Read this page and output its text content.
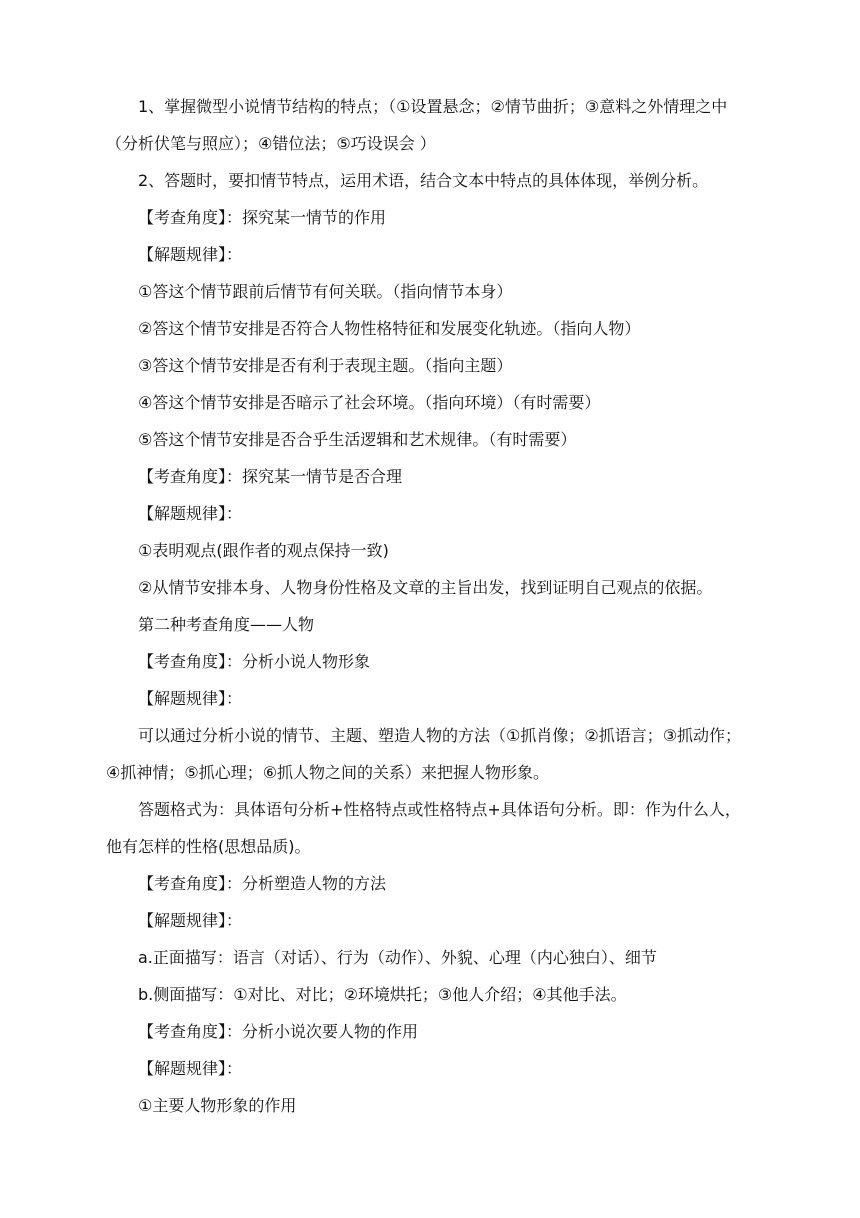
1、掌握微型小说情节结构的特点；（①设置悬念；②情节曲折；③意料之外情理之中

（分析伏笔与照应）；④错位法；⑤巧设误会 ）

2、答题时，要扣情节特点，运用术语，结合文本中特点的具体体现，举例分析。

【考查角度】：探究某一情节的作用

【解题规律】：

①答这个情节跟前后情节有何关联。（指向情节本身）

②答这个情节安排是否符合人物性格特征和发展变化轨迹。（指向人物）

③答这个情节安排是否有利于表现主题。（指向主题）

④答这个情节安排是否暗示了社会环境。（指向环境）（有时需要）

⑤答这个情节安排是否合乎生活逻辑和艺术规律。（有时需要）

【考查角度】：探究某一情节是否合理

【解题规律】：

①表明观点(跟作者的观点保持一致)

②从情节安排本身、人物身份性格及文章的主旨出发，找到证明自己观点的依据。

第二种考查角度——人物

【考查角度】：分析小说人物形象

【解题规律】：

可以通过分析小说的情节、主题、塑造人物的方法（①抓肖像；②抓语言；③抓动作；

④抓神情；⑤抓心理；⑥抓人物之间的关系）来把握人物形象。

答题格式为：具体语句分析+性格特点或性格特点+具体语句分析。即：作为什么人，

他有怎样的性格(思想品质)。

【考查角度】：分析塑造人物的方法

【解题规律】：

a.正面描写：语言（对话）、行为（动作）、外貌、心理（内心独白）、细节

b.侧面描写：①对比、对比；②环境烘托；③他人介绍；④其他手法。

【考查角度】：分析小说次要人物的作用

【解题规律】：

①主要人物形象的作用
